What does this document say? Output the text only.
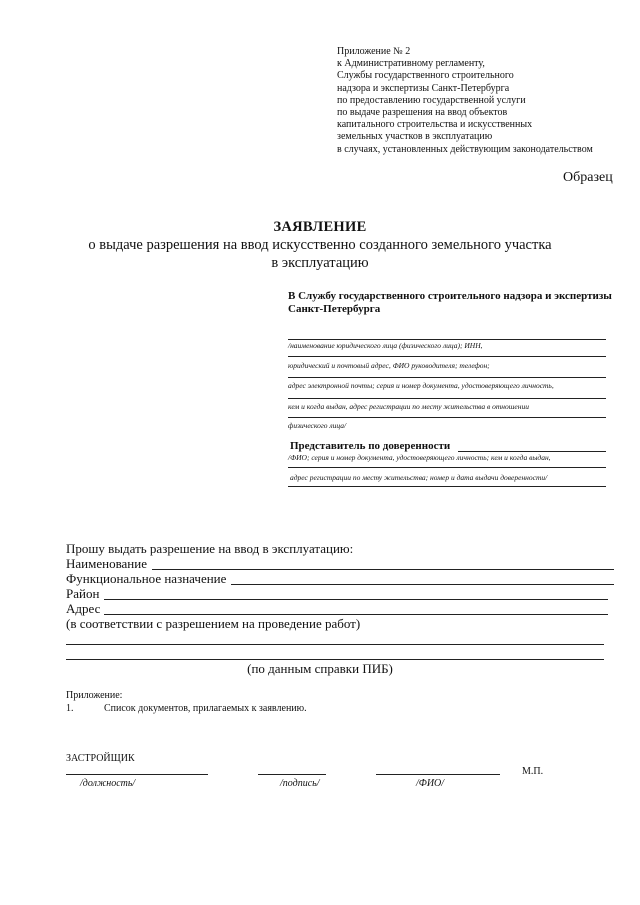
Приложение № 2
к Административному регламенту,
Службы государственного строительного
надзора и экспертизы Санкт-Петербурга
по предоставлению государственной услуги
по выдаче разрешения на ввод объектов
капитального строительства и искусственных
земельных участков в эксплуатацию
в случаях, установленных действующим законодательством
Образец
ЗАЯВЛЕНИЕ
о выдаче разрешения на ввод искусственно созданного земельного участка
в эксплуатацию
В Службу государственного строительного надзора и экспертизы
Санкт-Петербурга
/наименование юридического лица (физического лица); ИНН,
юридический и почтовый адрес, ФИО руководителя; телефон;
адрес электронной почты; серия и номер документа, удостоверяющего личность,
кем и когда выдан, адрес регистрации по месту жительства в отношении
физического лица/
Представитель по доверенности
/ФИО; серия и номер документа, удостоверяющего личность; кем и когда выдан,
адрес регистрации по месту жительства; номер и дата выдачи доверенности/
Прошу выдать разрешение на ввод в эксплуатацию:
Наименование
Функциональное назначение
Район
Адрес
(в соответствии с разрешением на проведение работ)
(по данным справки ПИБ)
Приложение:
1.	Список документов, прилагаемых к заявлению.
ЗАСТРОЙЩИК
М.П.
/должность/	/подпись/	/ФИО/
